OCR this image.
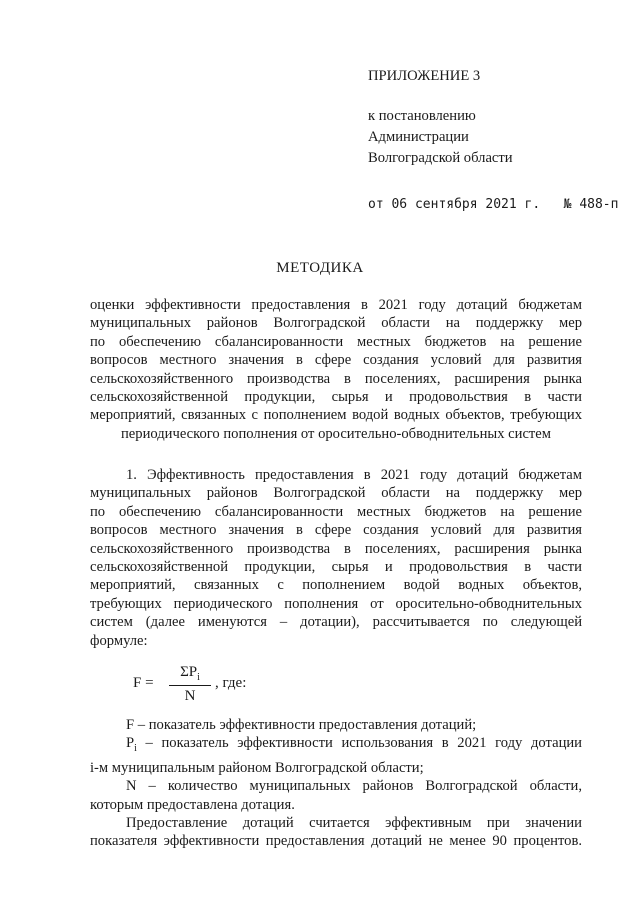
ПРИЛОЖЕНИЕ 3
к постановлению
Администрации
Волгоградской области
от 06 сентября 2021 г. № 488-п
МЕТОДИКА
оценки эффективности предоставления в 2021 году дотаций бюджетам
муниципальных районов Волгоградской области на поддержку мер
по обеспечению сбалансированности местных бюджетов на решение
вопросов местного значения в сфере создания условий для развития
сельскохозяйственного производства в поселениях, расширения рынка
сельскохозяйственной продукции, сырья и продовольствия в части
мероприятий, связанных с пополнением водой водных объектов, требующих
периодического пополнения от оросительно-обводнительных систем
1. Эффективность предоставления в 2021 году дотаций бюджетам
муниципальных районов Волгоградской области на поддержку мер
по обеспечению сбалансированности местных бюджетов на решение
вопросов местного значения в сфере создания условий для развития
сельскохозяйственного производства в поселениях, расширения рынка
сельскохозяйственной продукции, сырья и продовольствия в части
мероприятий, связанных с пополнением водой водных объектов,
требующих периодического пополнения от оросительно-обводнительных
систем (далее именуются – дотации), рассчитывается по следующей
формуле:
F =
$\Sigma P_i$
N
, где:
F – показатель эффективности предоставления дотаций;
$P_i$ – показатель эффективности использования в 2021 году дотации
i-м муниципальным районом Волгоградской области;
N – количество муниципальных районов Волгоградской области,
которым предоставлена дотация.
Предоставление дотаций считается эффективным при значении
показателя эффективности предоставления дотаций не менее 90 процентов.
